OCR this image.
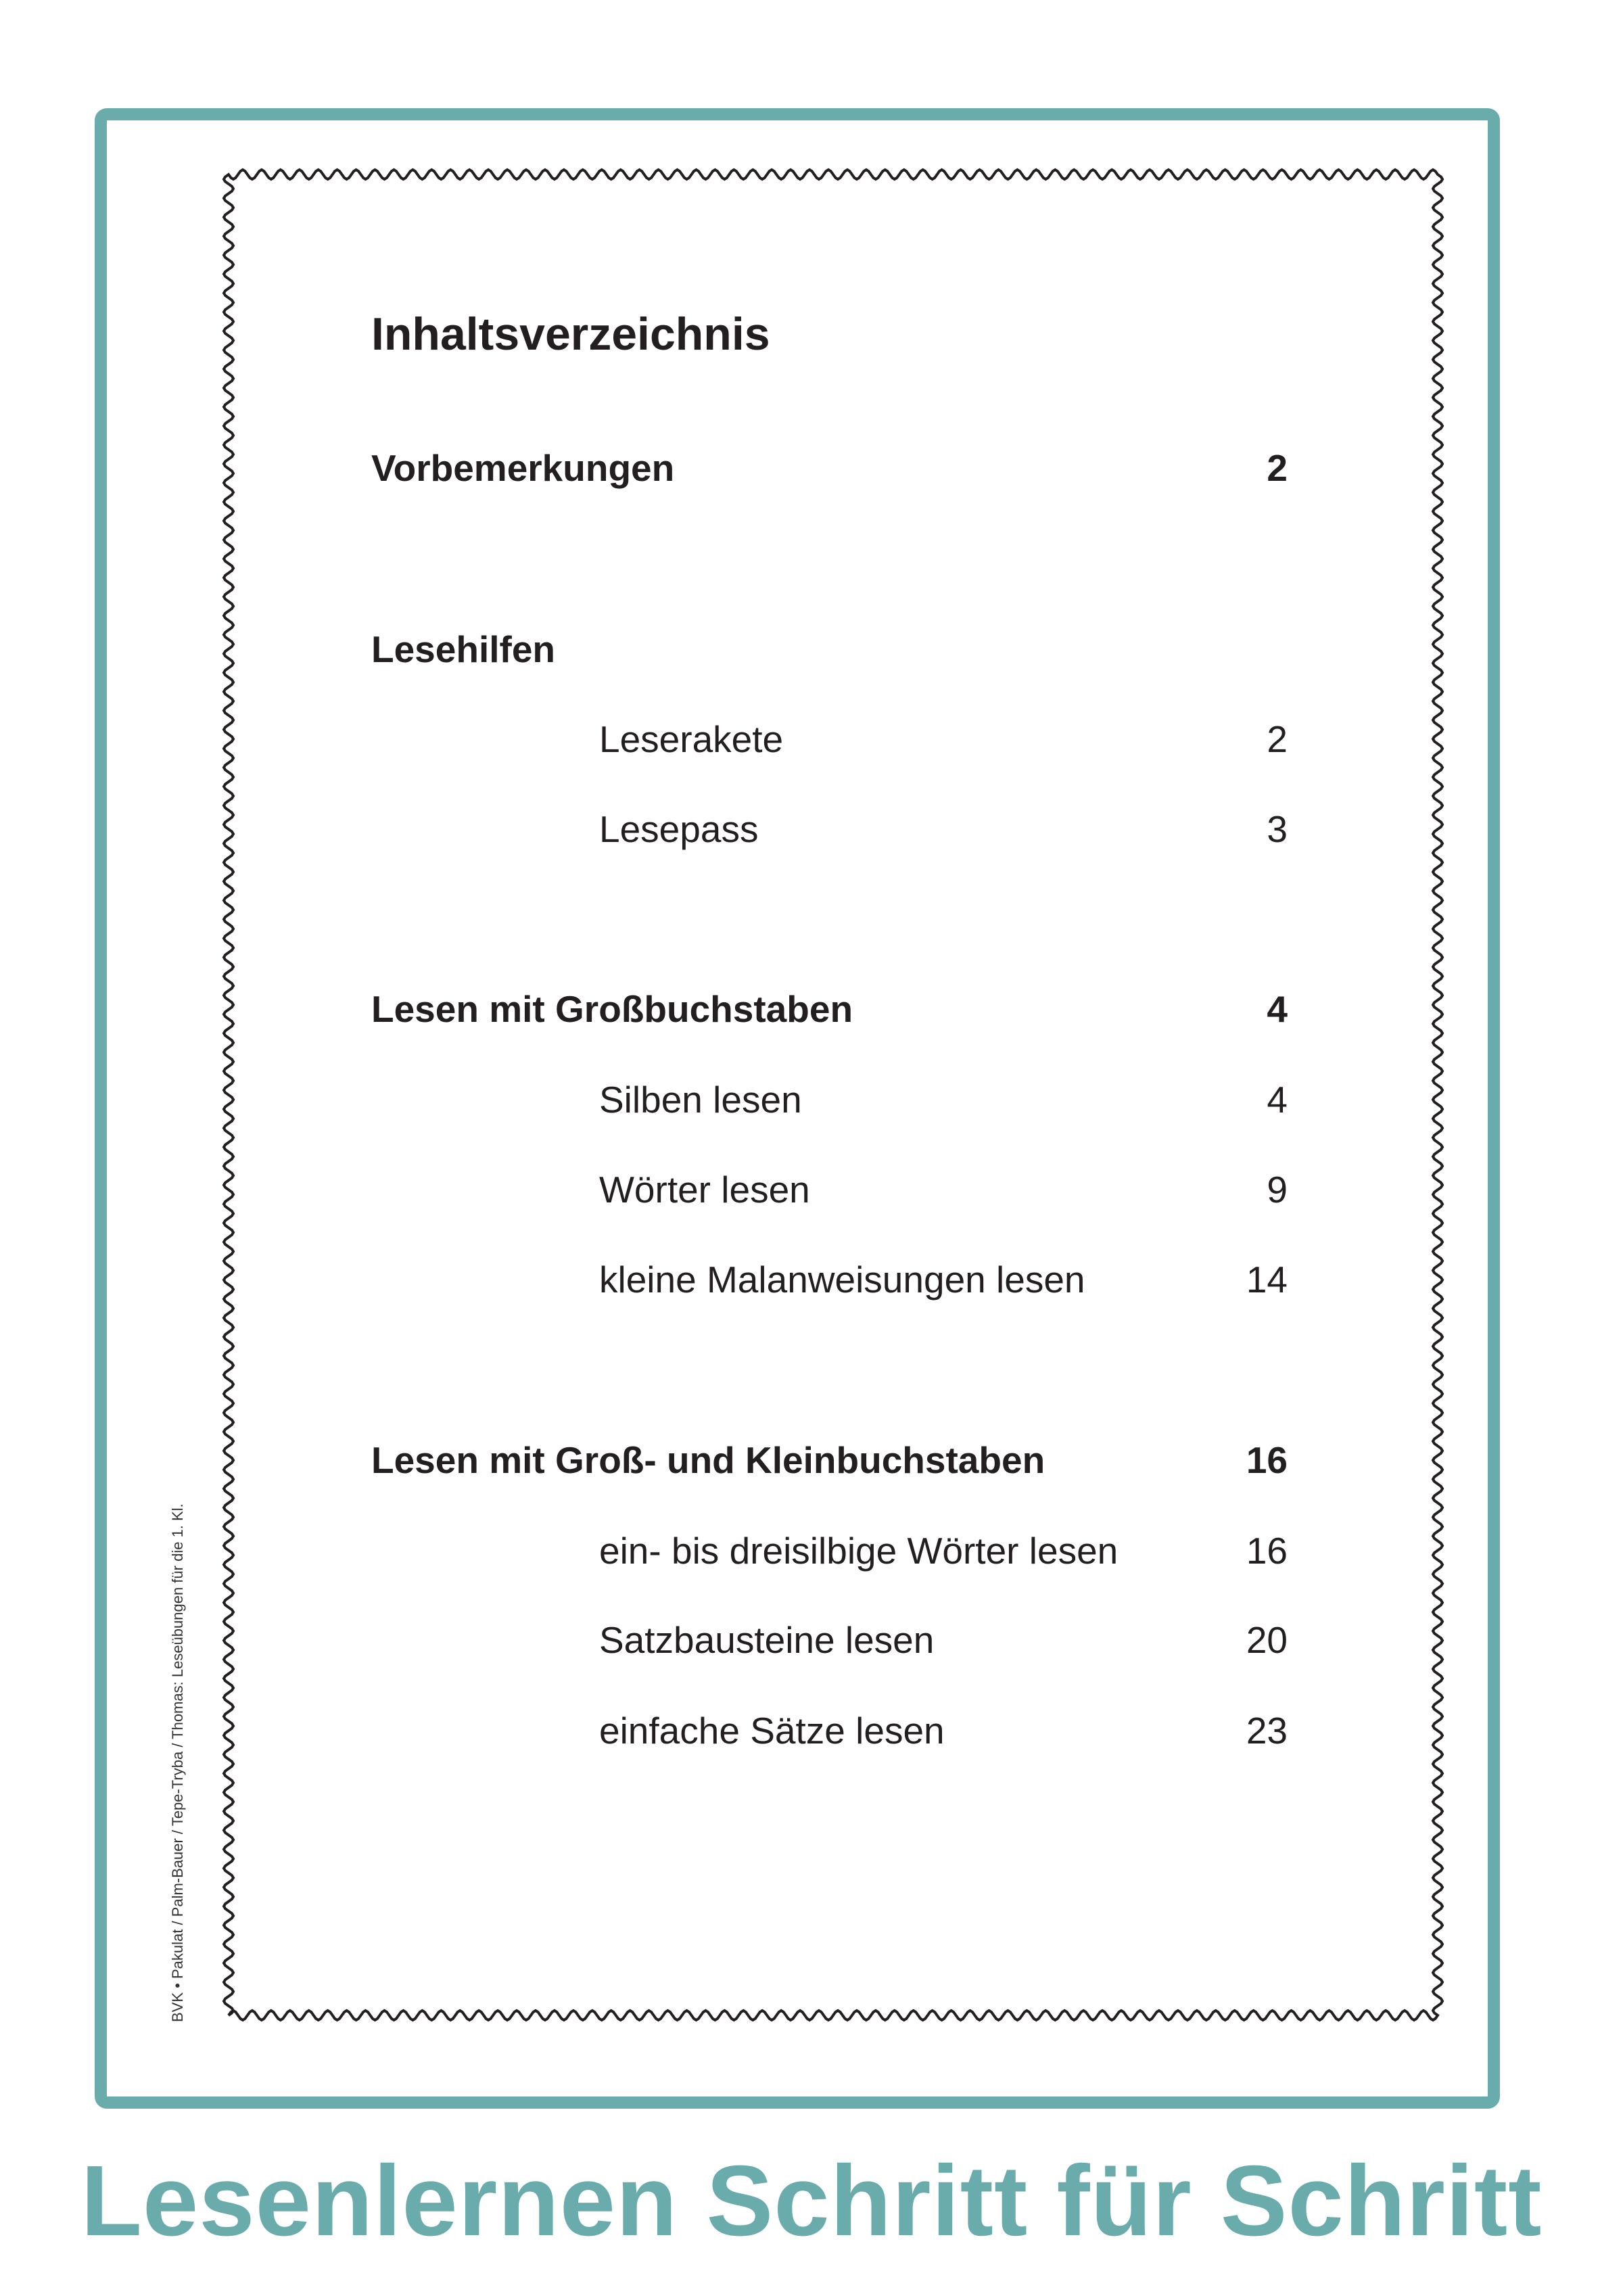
Inhaltsverzeichnis
Vorbemerkungen	2
Lesehilfen
Leserakete	2
Lesepass	3
Lesen mit Großbuchstaben	4
Silben lesen	4
Wörter lesen	9
kleine Malanweisungen lesen	14
Lesen mit Groß- und Kleinbuchstaben	16
ein- bis dreisilbige Wörter lesen	16
Satzbausteine lesen	20
einfache Sätze lesen	23
BVK • Pakulat / Palm-Bauer / Tepe-Tryba / Thomas: Leseübungen für die 1. Kl.
Lesenlernen Schritt für Schritt
